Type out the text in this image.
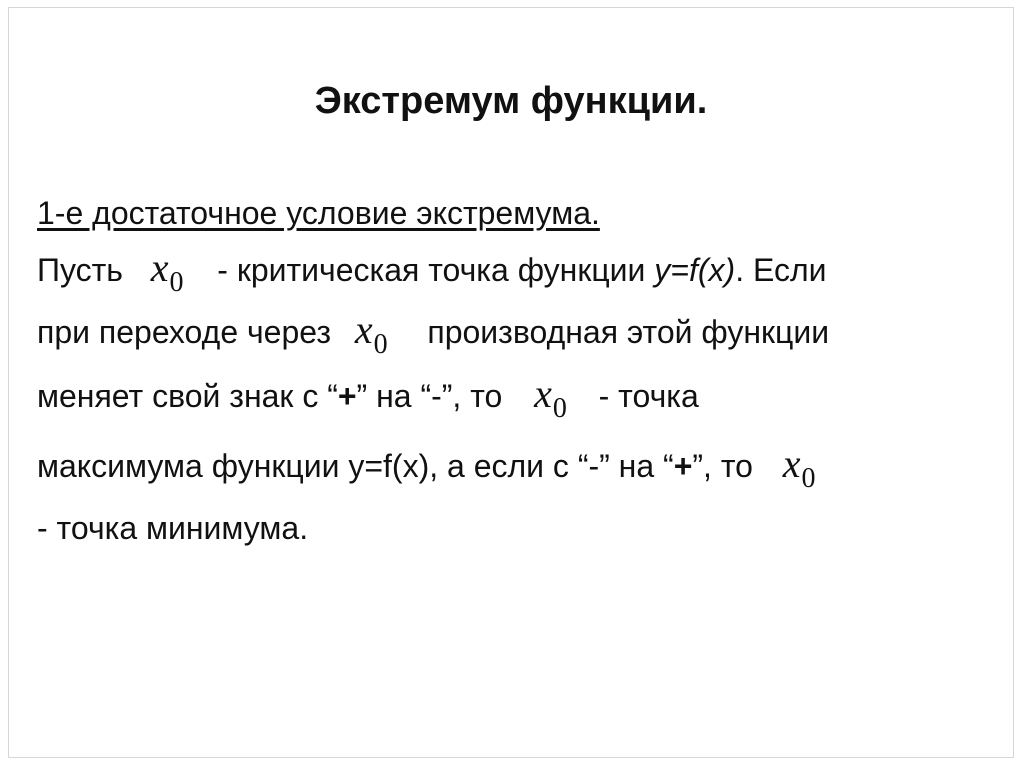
Экстремум функции.
1-е достаточное условие экстремума.
Пусть $x_0$ - критическая точка функции y=f(x). Если
при переходе через $x_0$ производная этой функции
меняет свой знак с “+” на “-”, то $x_0$ - точка
максимума функции y=f(x), а если с “-” на “+”, то $x_0$
- точка минимума.
